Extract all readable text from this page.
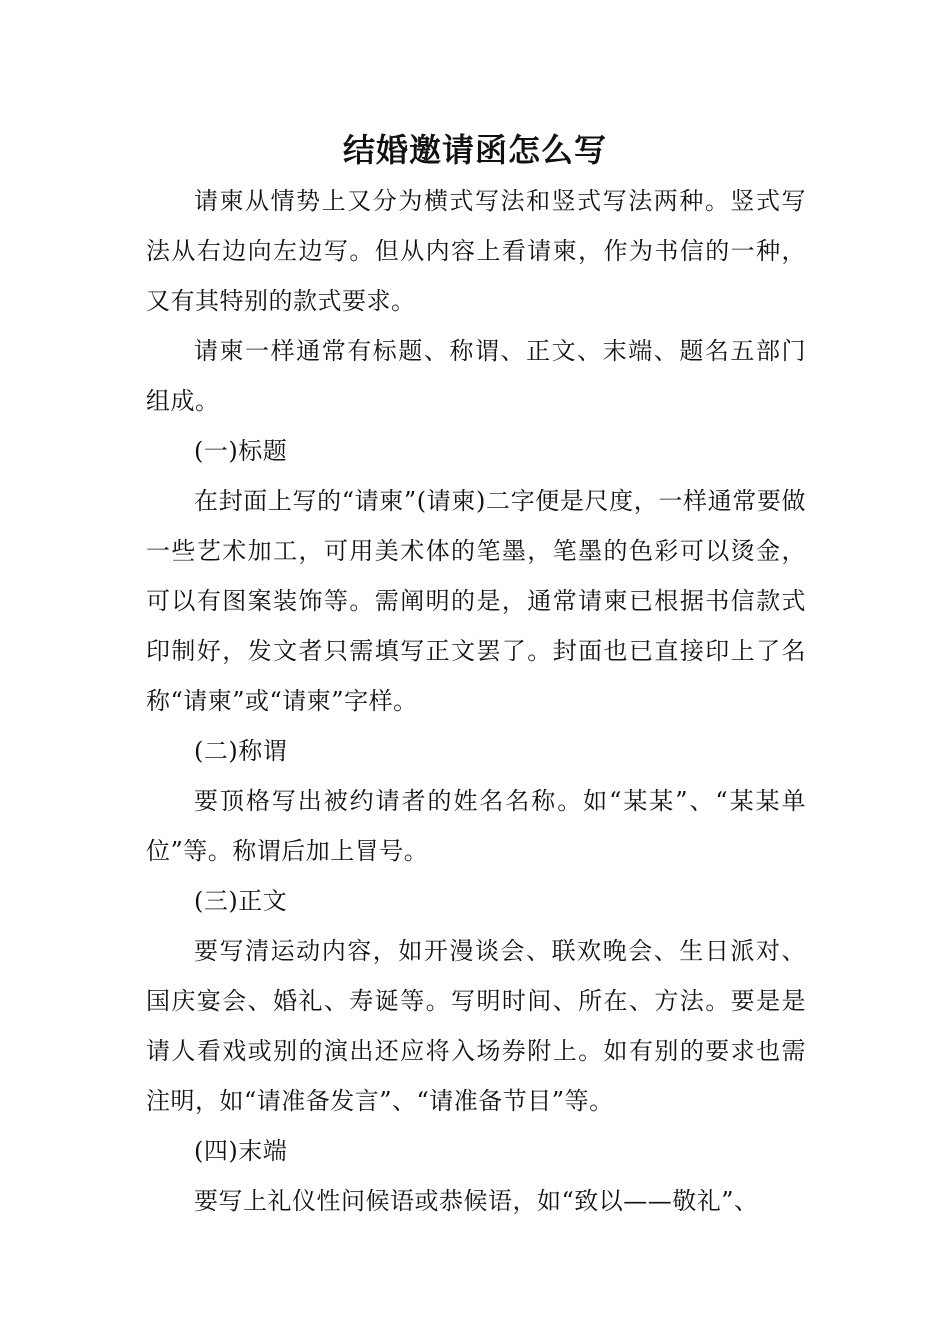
结婚邀请函怎么写

请柬从情势上又分为横式写法和竖式写法两种。竖式写法从右边向左边写。但从内容上看请柬，作为书信的一种，又有其特别的款式要求。

请柬一样通常有标题、称谓、正文、末端、题名五部门组成。

(一)标题

在封面上写的“请柬”(请柬)二字便是尺度，一样通常要做一些艺术加工，可用美术体的笔墨，笔墨的色彩可以烫金，可以有图案装饰等。需阐明的是，通常请柬已根据书信款式印制好，发文者只需填写正文罢了。封面也已直接印上了名称“请柬”或“请柬”字样。

(二)称谓

要顶格写出被约请者的姓名名称。如“某某”、“某某单位”等。称谓后加上冒号。

(三)正文

要写清运动内容，如开漫谈会、联欢晚会、生日派对、国庆宴会、婚礼、寿诞等。写明时间、所在、方法。要是是请人看戏或别的演出还应将入场券附上。如有别的要求也需注明，如“请准备发言”、“请准备节目”等。

(四)末端

要写上礼仪性问候语或恭候语，如“致以——敬礼”、
